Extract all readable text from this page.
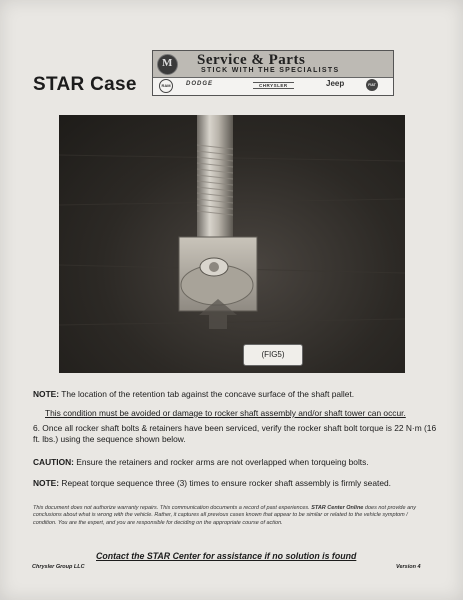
STAR Case
M
Service & Parts
STICK WITH THE SPECIALISTS
RAM	DODGE	CHRYSLER	Jeep	FIAT
(FIG5)
NOTE: The location of the retention tab against the concave surface of the shaft pallet.
This condition must be avoided or damage to rocker shaft assembly and/or shaft tower can occur.
6. Once all rocker shaft bolts & retainers have been serviced, verify the rocker shaft bolt torque is 22 N·m (16 ft. lbs.) using the sequence shown below.
CAUTION: Ensure the retainers and rocker arms are not overlapped when torqueing bolts.
NOTE: Repeat torque sequence three (3) times to ensure rocker shaft assembly is firmly seated.
This document does not authorize warranty repairs. This communication documents a record of past experiences. STAR Center Online does not provide any conclusions about what is wrong with the vehicle. Rather, it captures all previous cases known that appear to be similar or related to the vehicle symptom / condition. You are the expert, and you are responsible for deciding on the appropriate course of action.
Contact the STAR Center for assistance if no solution is found
Chrysler Group LLC	Version 4
